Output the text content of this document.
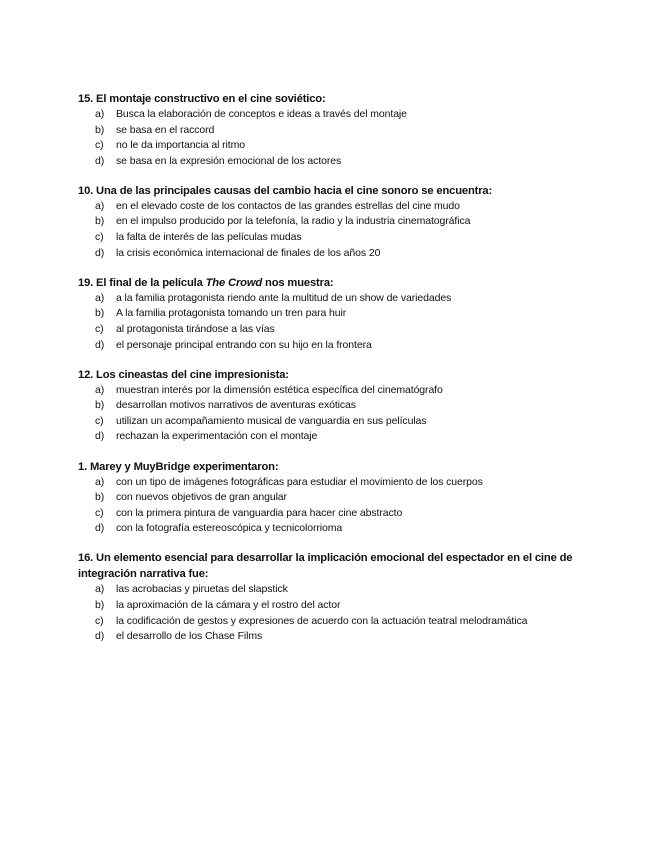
15. El montaje constructivo en el cine soviético:
a)	Busca la elaboración de conceptos e ideas a través del montaje
b)	se basa en el raccord
c)	no le da importancia al ritmo
d)	se basa en la expresión emocional de los actores
10. Una de las principales causas del cambio hacia el cine sonoro se encuentra:
a)	en el elevado coste de los contactos de las grandes estrellas del cine mudo
b)	en el impulso producido por la telefonía, la radio y la industria cinematográfica
c)	la falta de interés de las películas mudas
d)	la crisis económica internacional de finales de los años 20
19. El final de la película The Crowd nos muestra:
a)	a la familia protagonista riendo ante la multitud de un show de variedades
b)	A la familia protagonista tomando un tren para huir
c)	al protagonista tirándose a las vías
d)	el personaje principal entrando con su hijo en la frontera
12. Los cineastas del cine impresionista:
a)	muestran interés por la dimensión estética específica del cinematógrafo
b)	desarrollan motivos narrativos de aventuras exóticas
c)	utilizan un acompañamiento musical de vanguardia en sus películas
d)	rechazan la experimentación con el montaje
1. Marey y MuyBridge experimentaron:
a)	con un tipo de imágenes fotográficas para estudiar el movimiento de los cuerpos
b)	con nuevos objetivos de gran angular
c)	con la primera pintura de vanguardia para hacer cine abstracto
d)	con la fotografía estereoscópica y tecnicolorrioma
16. Un elemento esencial para desarrollar la implicación emocional del espectador en el cine de integración narrativa fue:
a)	las acrobacias y piruetas del slapstick
b)	la aproximación de la cámara y el rostro del actor
c)	la codificación de gestos y expresiones de acuerdo con la actuación teatral melodramática
d)	el desarrollo de los Chase Films
